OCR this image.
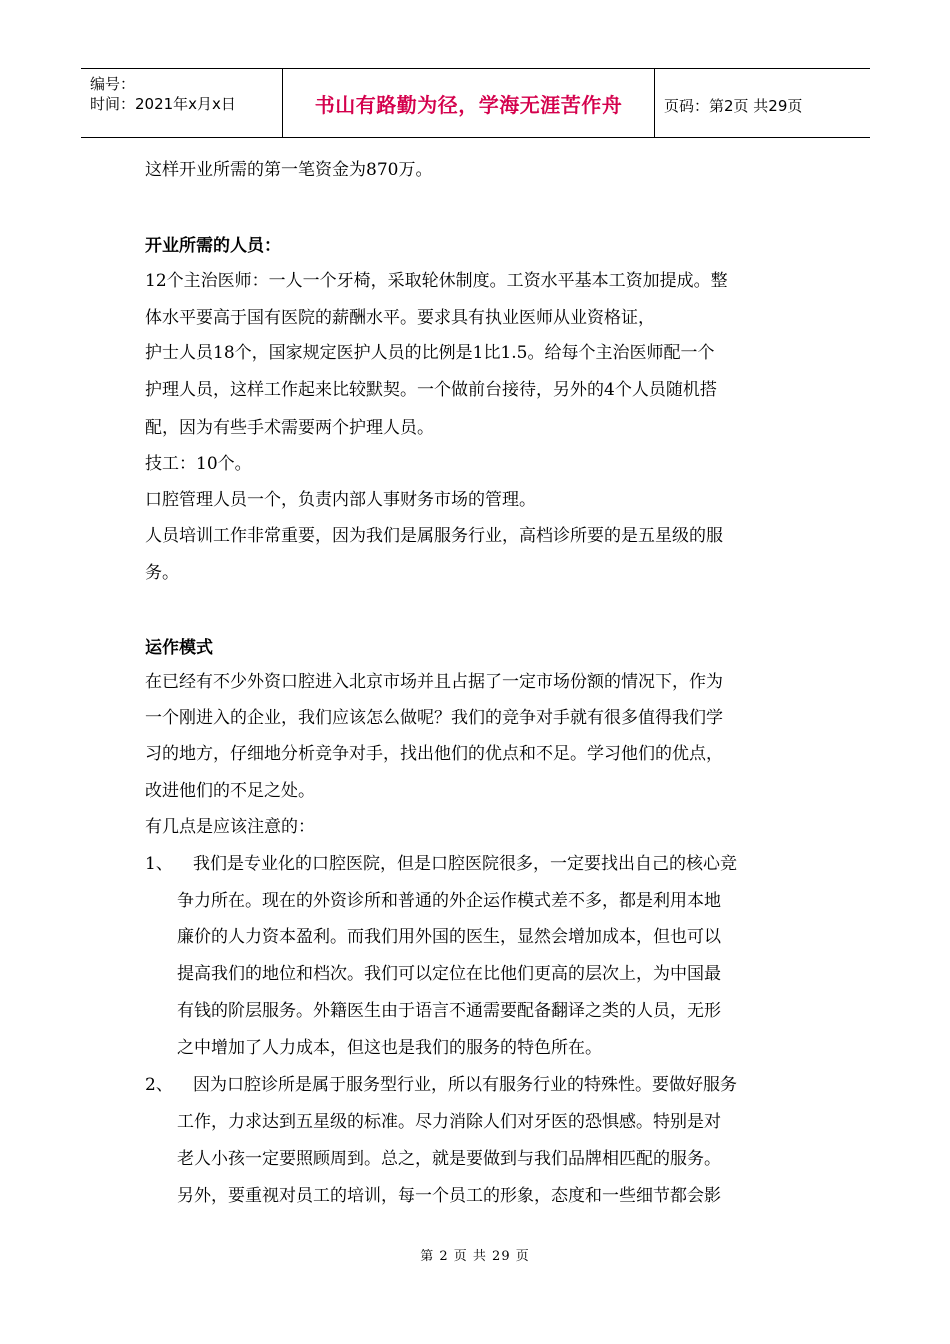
编号：
时间：2021年x月x日	书山有路勤为径，学海无涯苦作舟	页码：第2页 共29页
这样开业所需的第一笔资金为870万。
开业所需的人员：
12个主治医师：一人一个牙椅，采取轮休制度。工资水平基本工资加提成。整
体水平要高于国有医院的薪酬水平。要求具有执业医师从业资格证，
护士人员18个，国家规定医护人员的比例是1比1.5。给每个主治医师配一个
护理人员，这样工作起来比较默契。一个做前台接待，另外的4个人员随机搭
配，因为有些手术需要两个护理人员。
技工：10个。
口腔管理人员一个，负责内部人事财务市场的管理。
人员培训工作非常重要，因为我们是属服务行业，高档诊所要的是五星级的服
务。
运作模式
在已经有不少外资口腔进入北京市场并且占据了一定市场份额的情况下，作为
一个刚进入的企业，我们应该怎么做呢？我们的竞争对手就有很多值得我们学
习的地方，仔细地分析竞争对手，找出他们的优点和不足。学习他们的优点，
改进他们的不足之处。
有几点是应该注意的：
1、 我们是专业化的口腔医院，但是口腔医院很多，一定要找出自己的核心竞
争力所在。现在的外资诊所和普通的外企运作模式差不多，都是利用本地
廉价的人力资本盈利。而我们用外国的医生，显然会增加成本，但也可以
提高我们的地位和档次。我们可以定位在比他们更高的层次上，为中国最
有钱的阶层服务。外籍医生由于语言不通需要配备翻译之类的人员，无形
之中增加了人力成本，但这也是我们的服务的特色所在。
2、 因为口腔诊所是属于服务型行业，所以有服务行业的特殊性。要做好服务
工作，力求达到五星级的标准。尽力消除人们对牙医的恐惧感。特别是对
老人小孩一定要照顾周到。总之，就是要做到与我们品牌相匹配的服务。
另外，要重视对员工的培训，每一个员工的形象，态度和一些细节都会影
第 2 页 共 29 页
